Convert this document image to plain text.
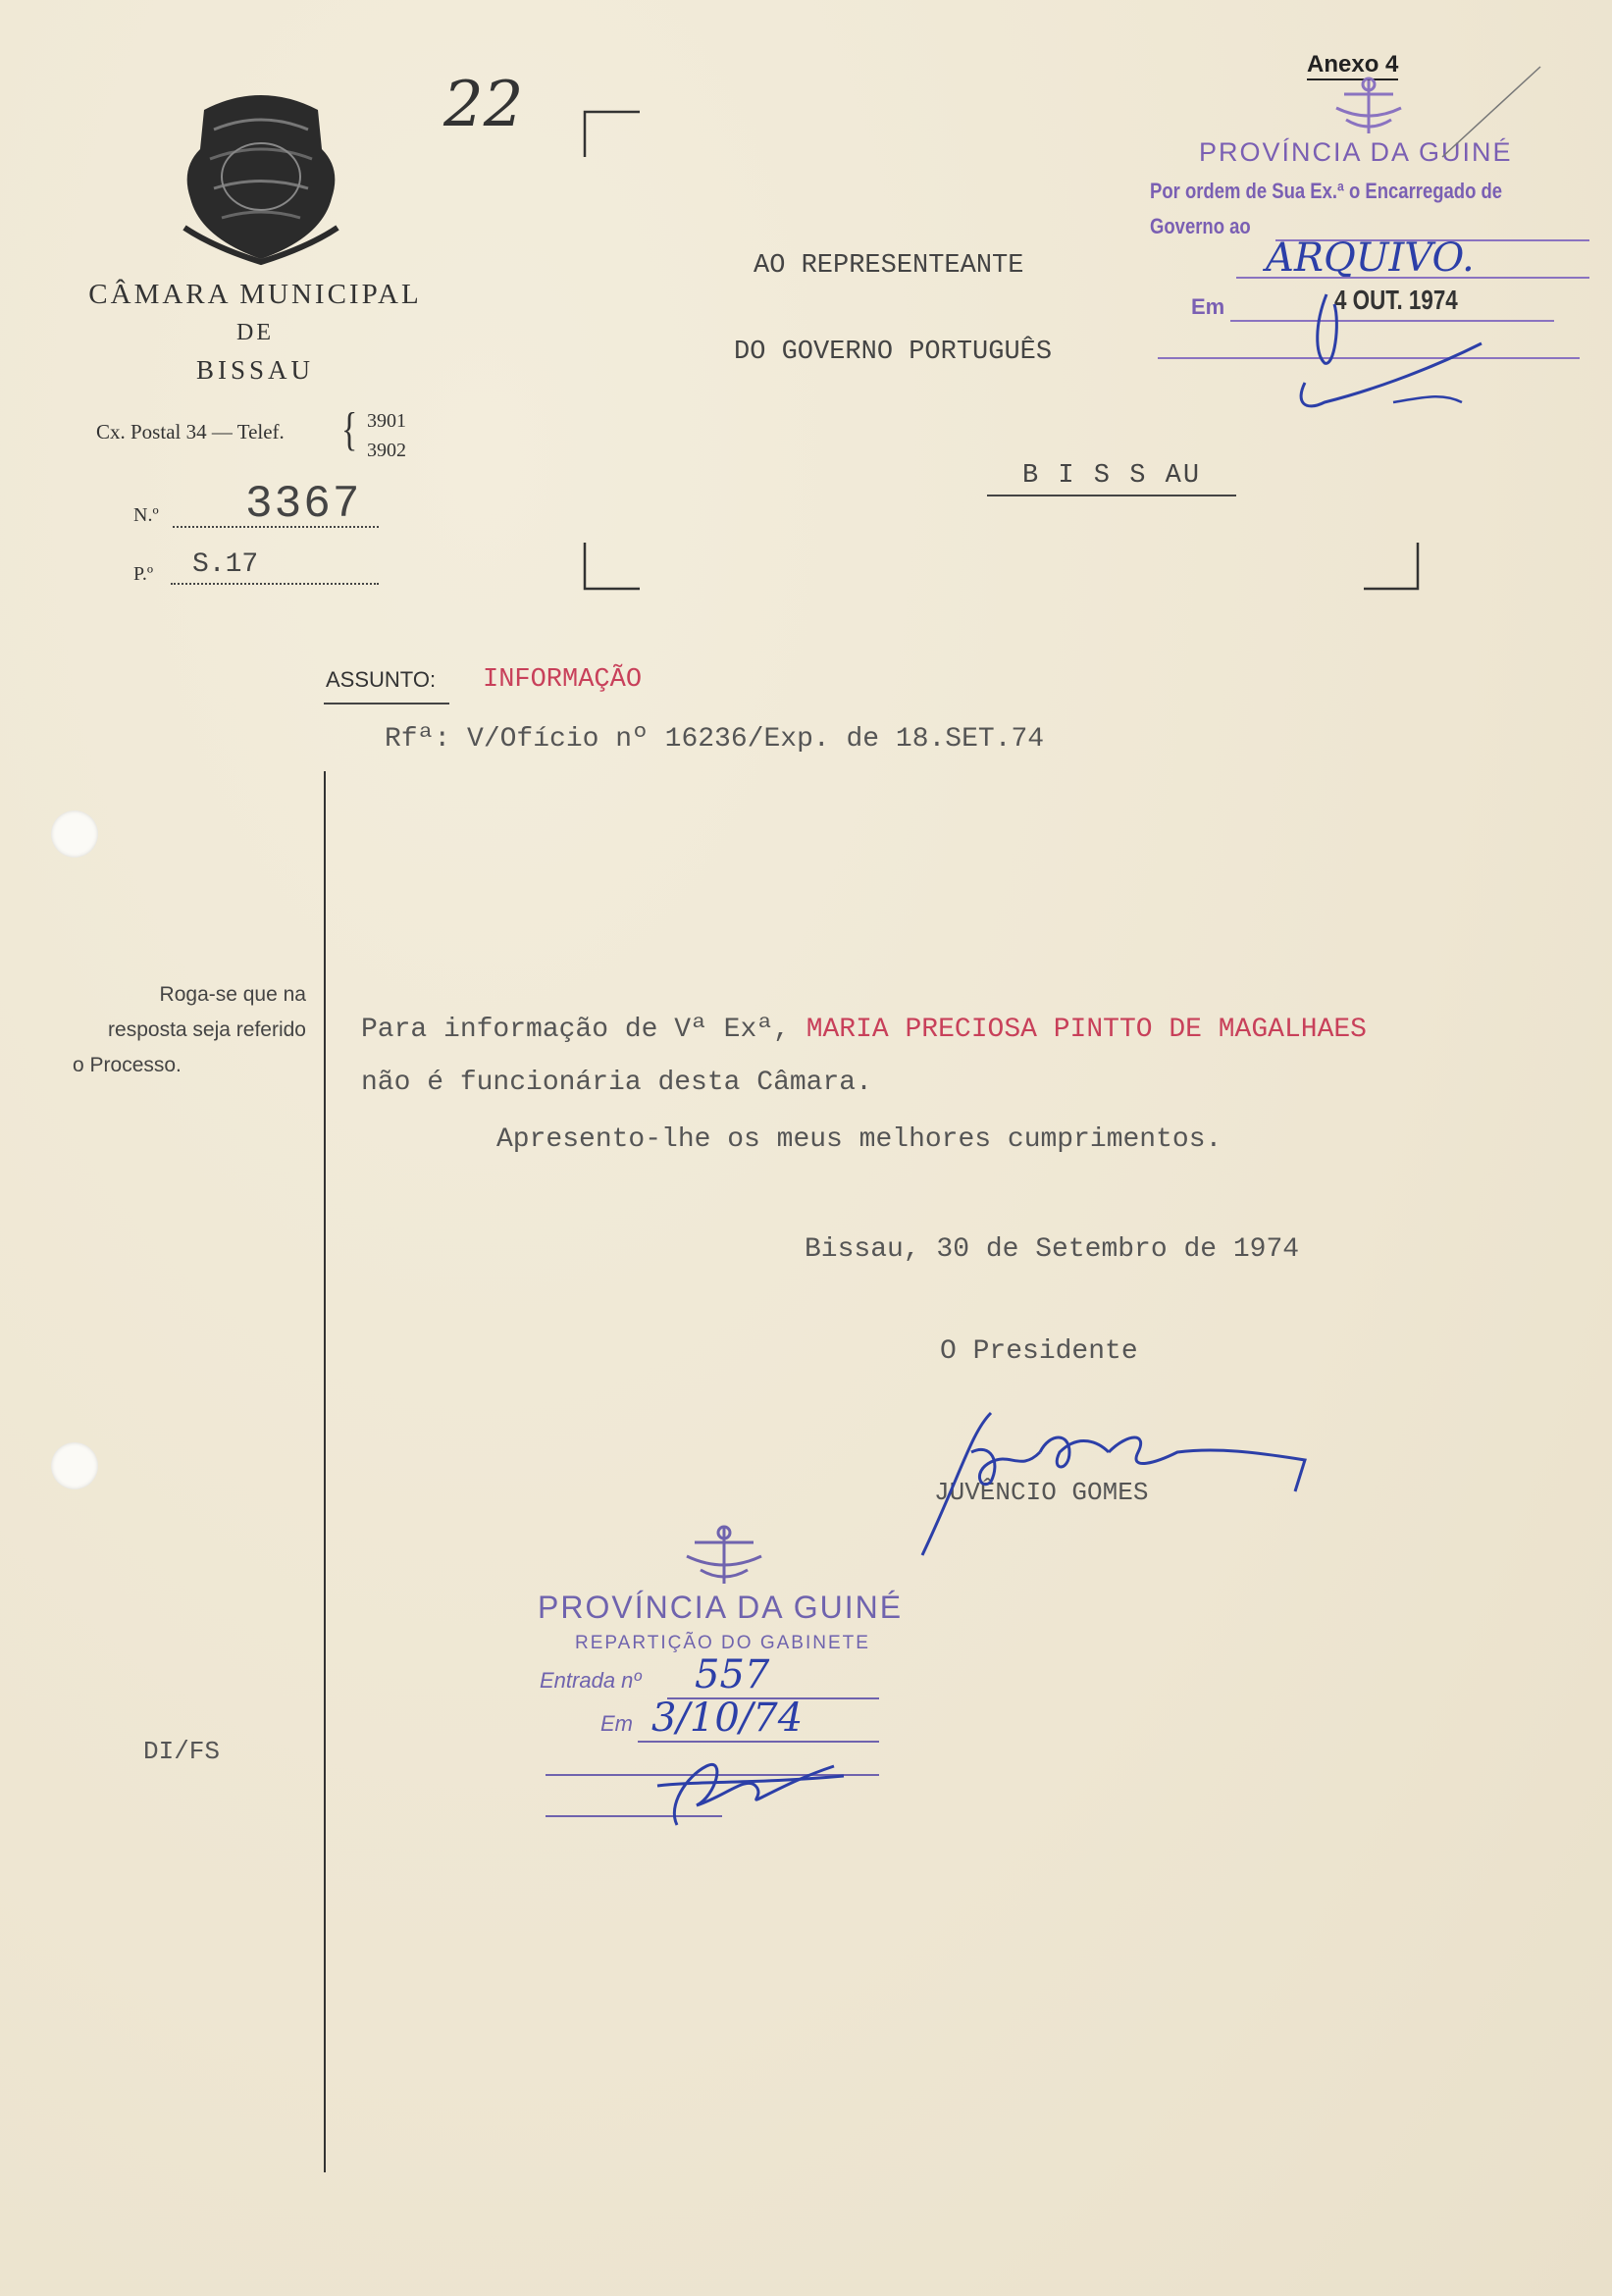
Anexo 4
22
CÂMARA MUNICIPAL
DE
BISSAU
Cx. Postal 34 — Telef. { 3901
3902
N.º 3367
P.º S.17
AO REPRESENTEANTE
DO GOVERNO PORTUGUÊS
B I S S AU
PROVÍNCIA DA GUINÉ
Por ordem de Sua Ex.ª o Encarregado de
Governo ao
ARQUIVO.
Em	4 OUT. 1974
ASSUNTO: INFORMAÇÃO
Rfª: V/Ofício nº 16236/Exp. de 18.SET.74
Roga-se que na
resposta seja referido
o Processo.
Para informação de Vª Exª, MARIA PRECIOSA PINTTO DE MAGALHAES
não é funcionária desta Câmara.
Apresento-lhe os meus melhores cumprimentos.
Bissau, 30 de Setembro de 1974
O Presidente
JUVÊNCIO GOMES
PROVÍNCIA DA GUINÉ
REPARTIÇÃO DO GABINETE
Entrada nº 557
Em 3/10/74
DI/FS
